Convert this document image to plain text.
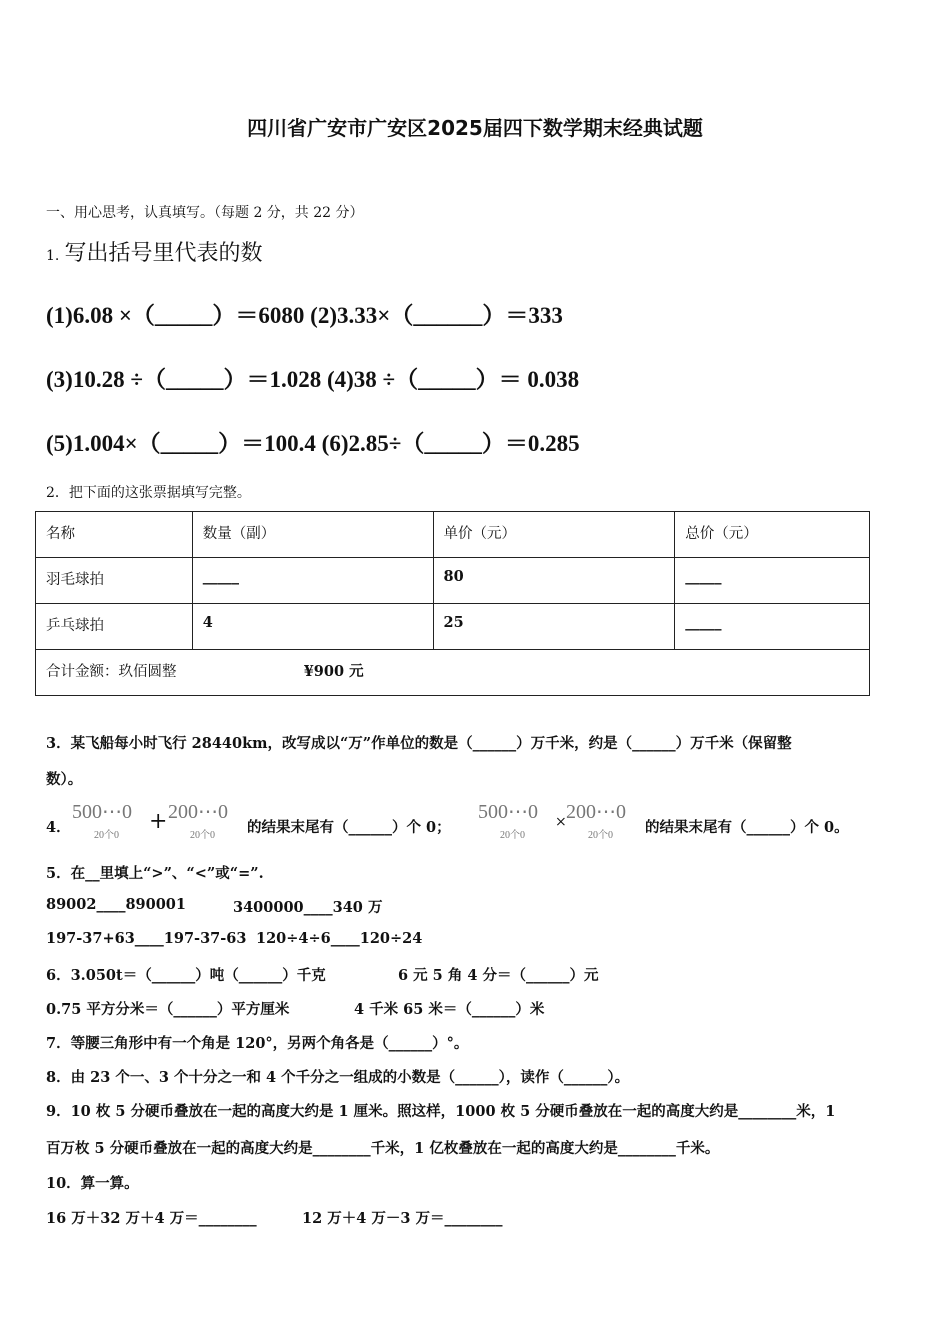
四川省广安市广安区2025届四下数学期末经典试题
一、用心思考，认真填写。（每题 2 分，共 22 分）
1. 写出括号里代表的数
(1)6.08 ×（_____）＝6080 (2)3.33×（______）＝333
(3)10.28 ÷（_____）＝1.028 (4)38 ÷（_____）＝ 0.038
(5)1.004×（_____）＝100.4 (6)2.85÷（_____）＝0.285
2．把下面的这张票据填写完整。
名称	数量（副）	单价（元）	总价（元）
羽毛球拍	_____	80	_____
乒乓球拍	4	25	_____
合计金额：玖佰圆整 ¥900 元			
3．某飞船每小时飞行 28440km，改写成以“万”作单位的数是（______）万千米，约是（______）万千米（保留整
数）。
4．
500⋯0
20个0
+ 200⋯0
20个0 的结果末尾有（______）个 0；
500⋯0
20个0
× 200⋯0
20个0 的结果末尾有（______）个 0。
5．在__里填上“>”、“<”或“=”.
89002____890001	3400000____340 万
197-37+63____197-37-63 120÷4÷6____120÷24
6．3.050t＝（______）吨（______）千克	6 元 5 角 4 分＝（______）元
0.75 平方分米＝（______）平方厘米	4 千米 65 米＝（______）米
7．等腰三角形中有一个角是 120°，另两个角各是（______）°。
8．由 23 个一、3 个十分之一和 4 个千分之一组成的小数是（______），读作（______）。
9．10 枚 5 分硬币叠放在一起的高度大约是 1 厘米。照这样，1000 枚 5 分硬币叠放在一起的高度大约是________米，1
百万枚 5 分硬币叠放在一起的高度大约是________千米，1 亿枚叠放在一起的高度大约是________千米。
10．算一算。
16 万＋32 万＋4 万＝________	12 万＋4 万－3 万＝________
